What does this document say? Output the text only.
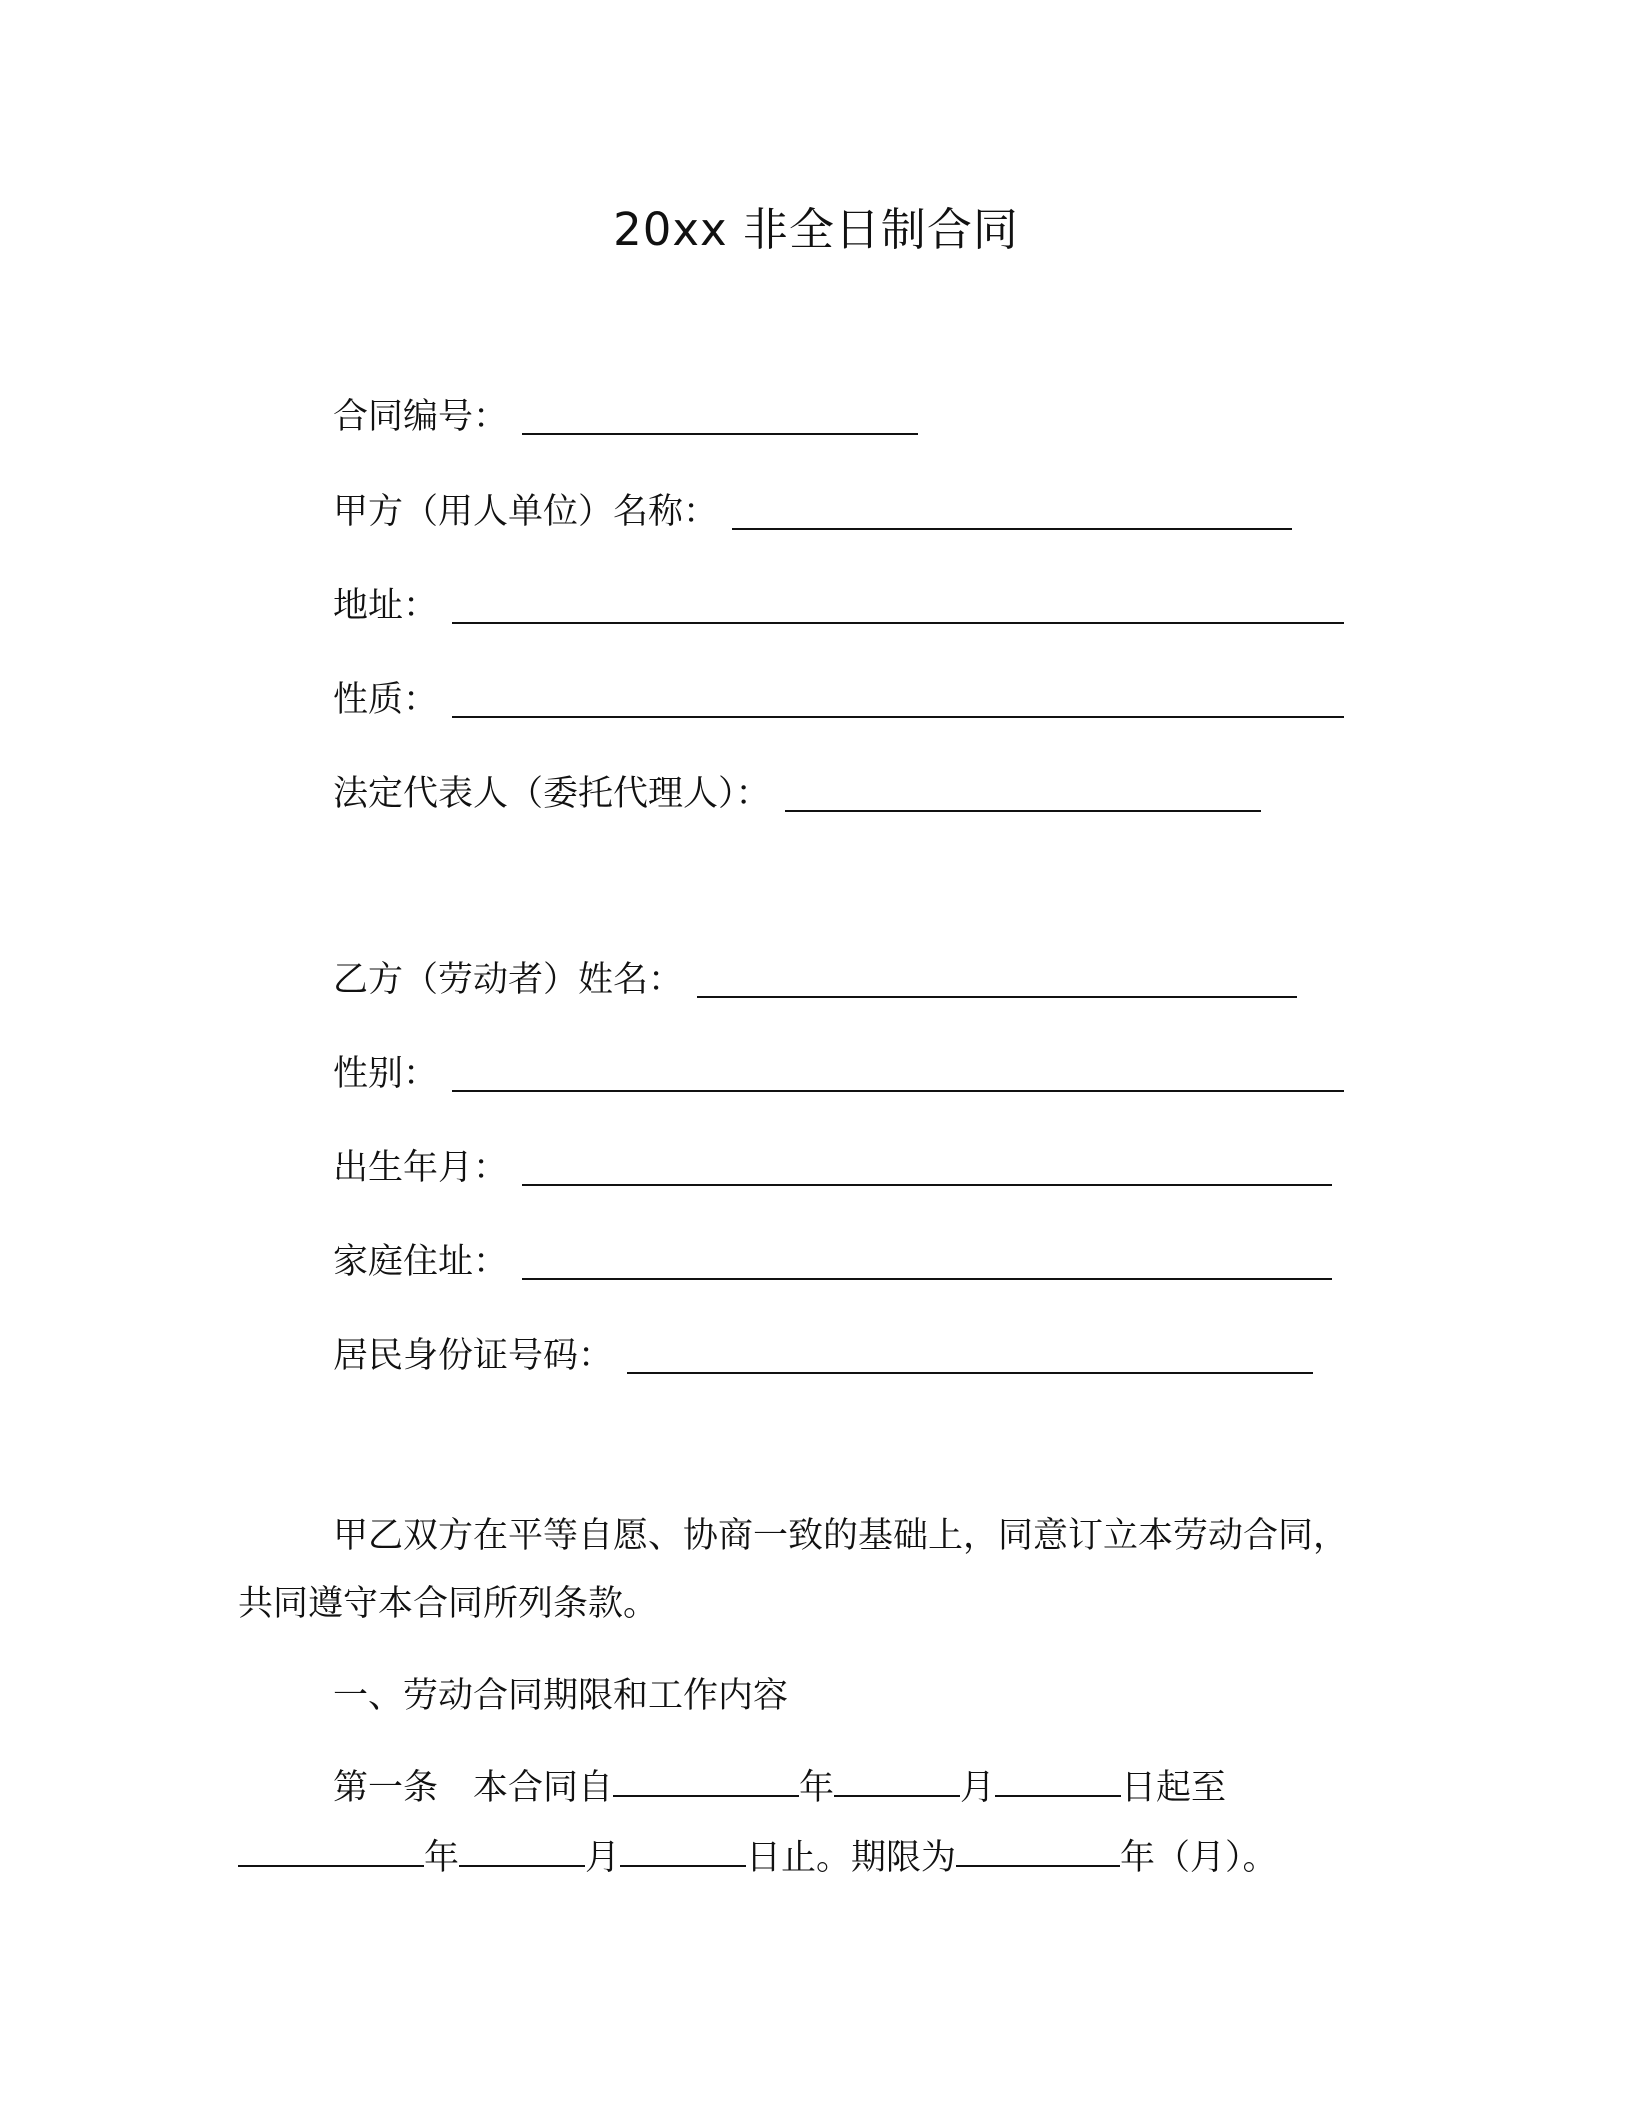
20xx 非全日制合同
合同编号：
甲方（用人单位）名称：
地址：
性质：
法定代表人（委托代理人）：
乙方（劳动者）姓名：
性别：
出生年月：
家庭住址：
居民身份证号码：
甲乙双方在平等自愿、协商一致的基础上，同意订立本劳动合同，
共同遵守本合同所列条款。
一、劳动合同期限和工作内容
第一条　本合同自	年	月	日起至
年	月	日止。期限为	年（月）。
